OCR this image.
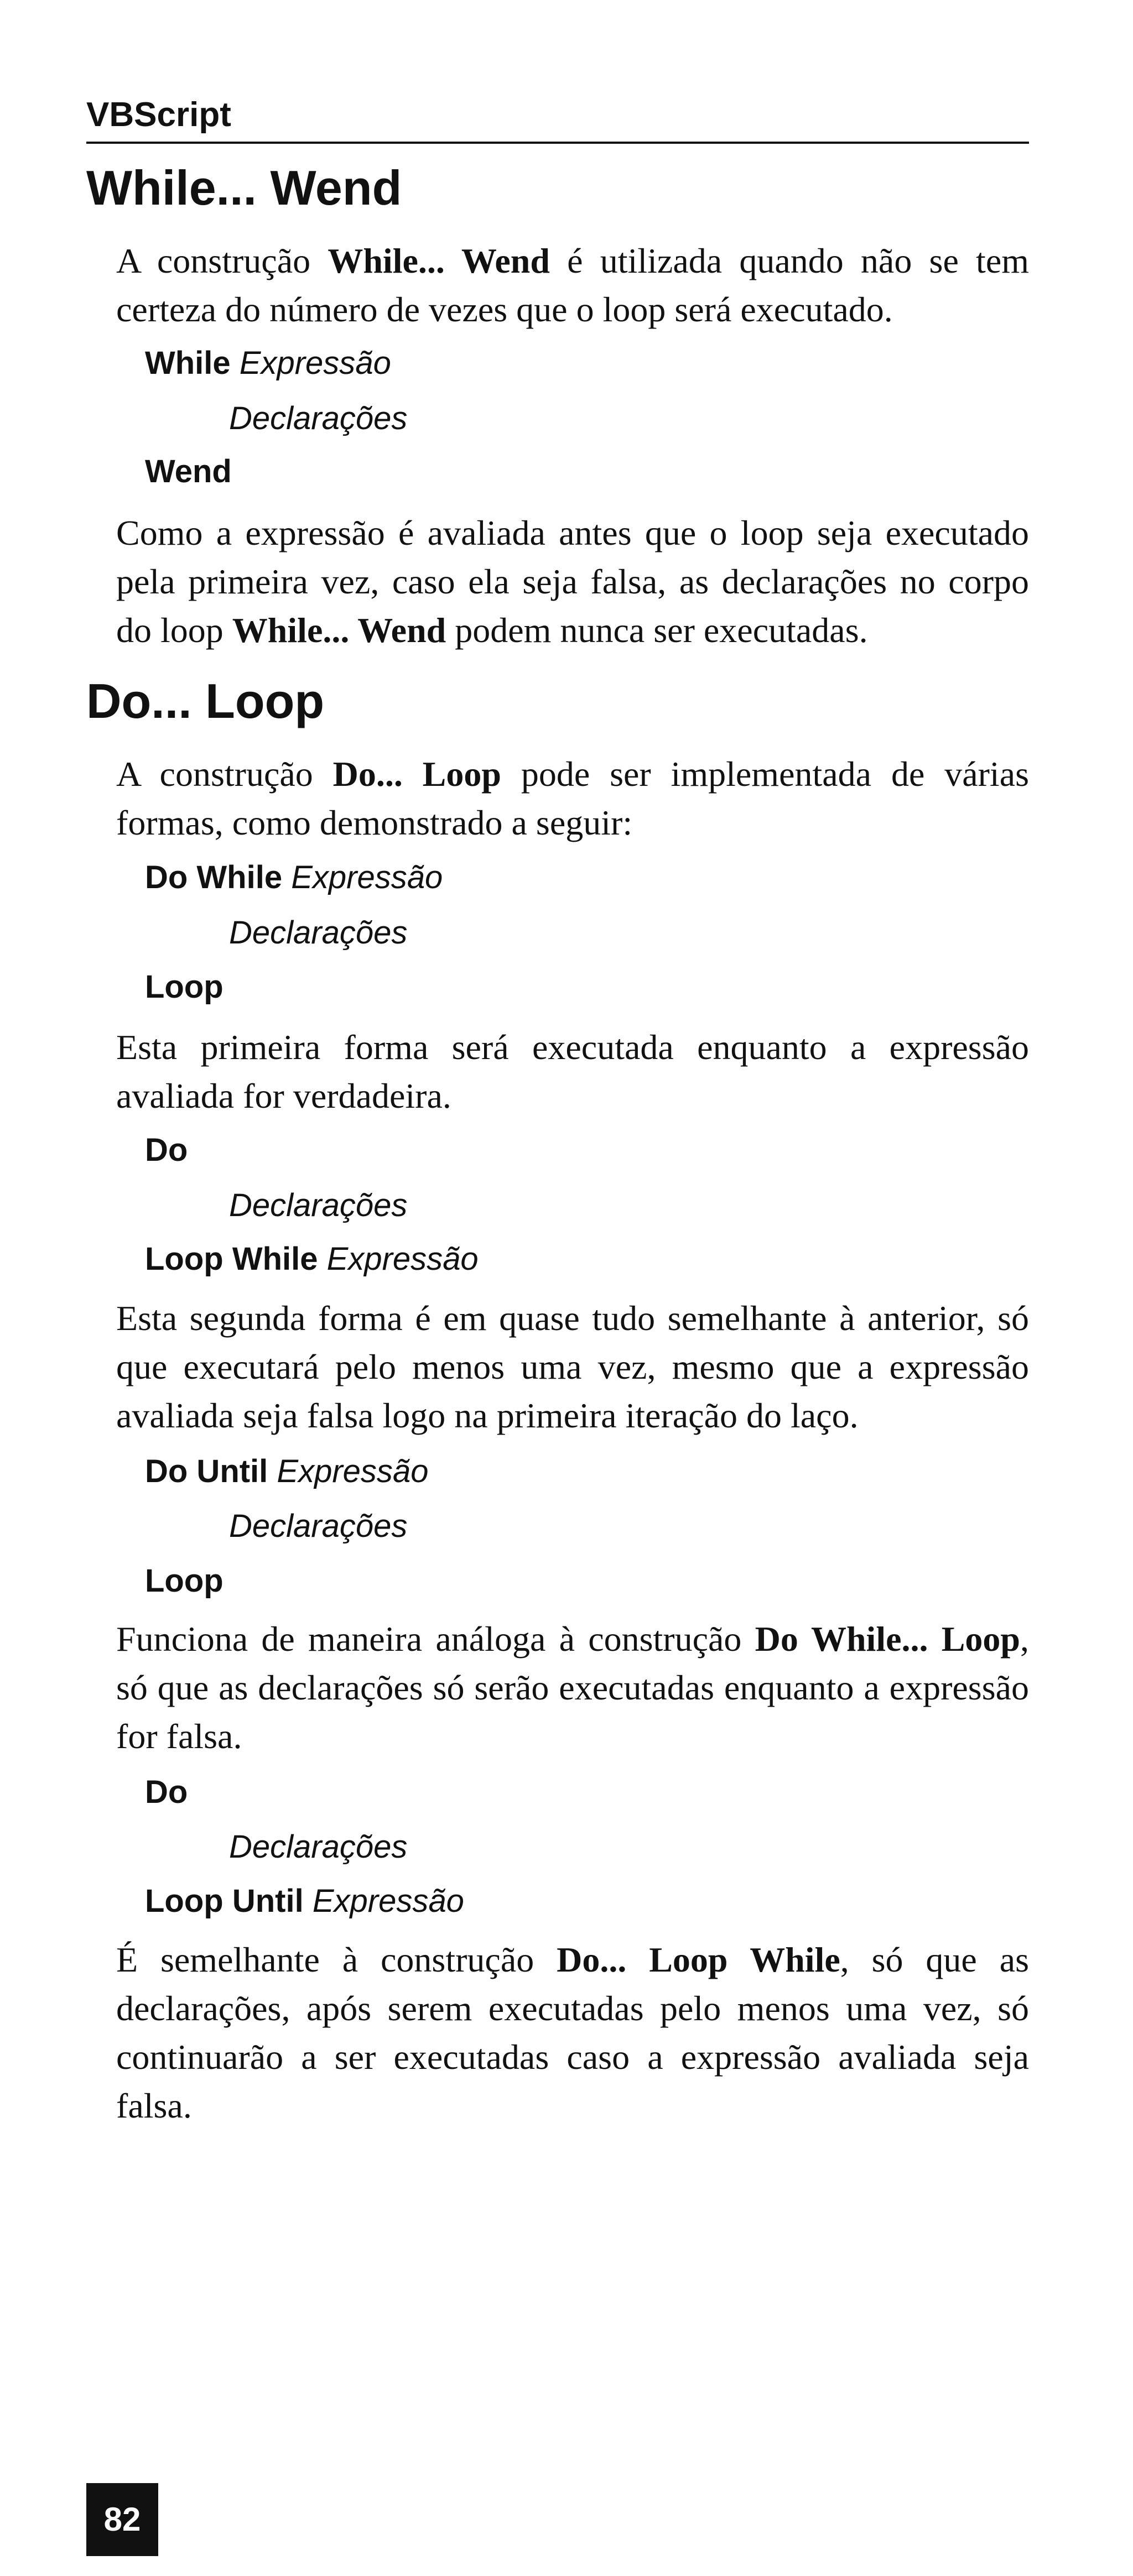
VBScript
While... Wend

A construção While... Wend é utilizada quando não se tem certeza do número de vezes que o loop será executado.

While Expressão
Declarações
Wend

Como a expressão é avaliada antes que o loop seja executado pela primeira vez, caso ela seja falsa, as declarações no corpo do loop While... Wend podem nunca ser executadas.

Do... Loop

A construção Do... Loop pode ser implementada de várias formas, como demonstrado a seguir:

Do While Expressão
Declarações
Loop

Esta primeira forma será executada enquanto a expressão avaliada for verdadeira.

Do
Declarações
Loop While Expressão

Esta segunda forma é em quase tudo semelhante à anterior, só que executará pelo menos uma vez, mesmo que a expressão avaliada seja falsa logo na primeira iteração do laço.

Do Until Expressão
Declarações
Loop

Funciona de maneira análoga à construção Do While... Loop, só que as declarações só serão executadas enquanto a expressão for falsa.

Do
Declarações
Loop Until Expressão

É semelhante à construção Do... Loop While, só que as declarações, após serem executadas pelo menos uma vez, só continuarão a ser executadas caso a expressão avaliada seja falsa.

82
